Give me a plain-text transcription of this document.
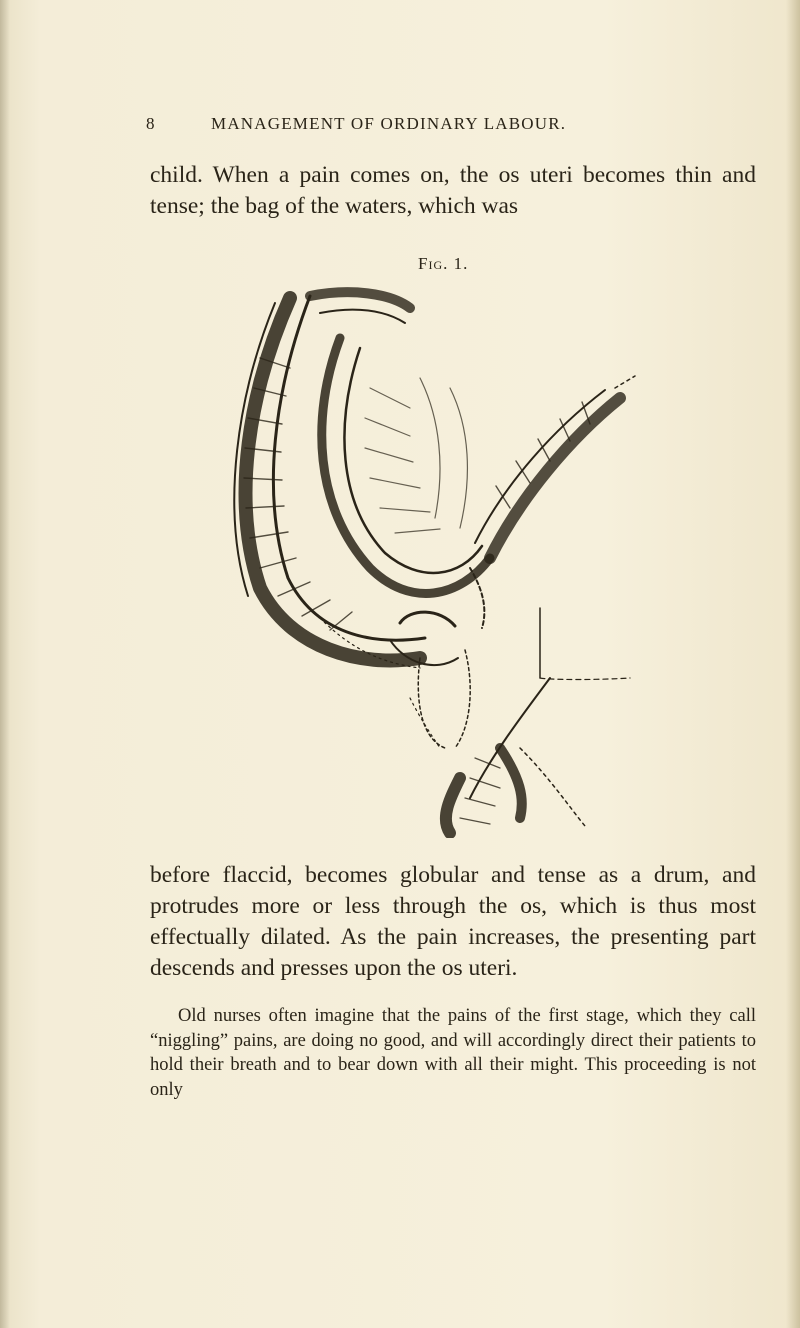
8	MANAGEMENT OF ORDINARY LABOUR.
child. When a pain comes on, the os uteri becomes thin and tense; the bag of the waters, which was
Fig. 1.
before flaccid, becomes globular and tense as a drum, and protrudes more or less through the os, which is thus most effectually dilated. As the pain increases, the presenting part descends and presses upon the os uteri.
Old nurses often imagine that the pains of the first stage, which they call “niggling” pains, are doing no good, and will accordingly direct their patients to hold their breath and to bear down with all their might. This proceeding is not only
